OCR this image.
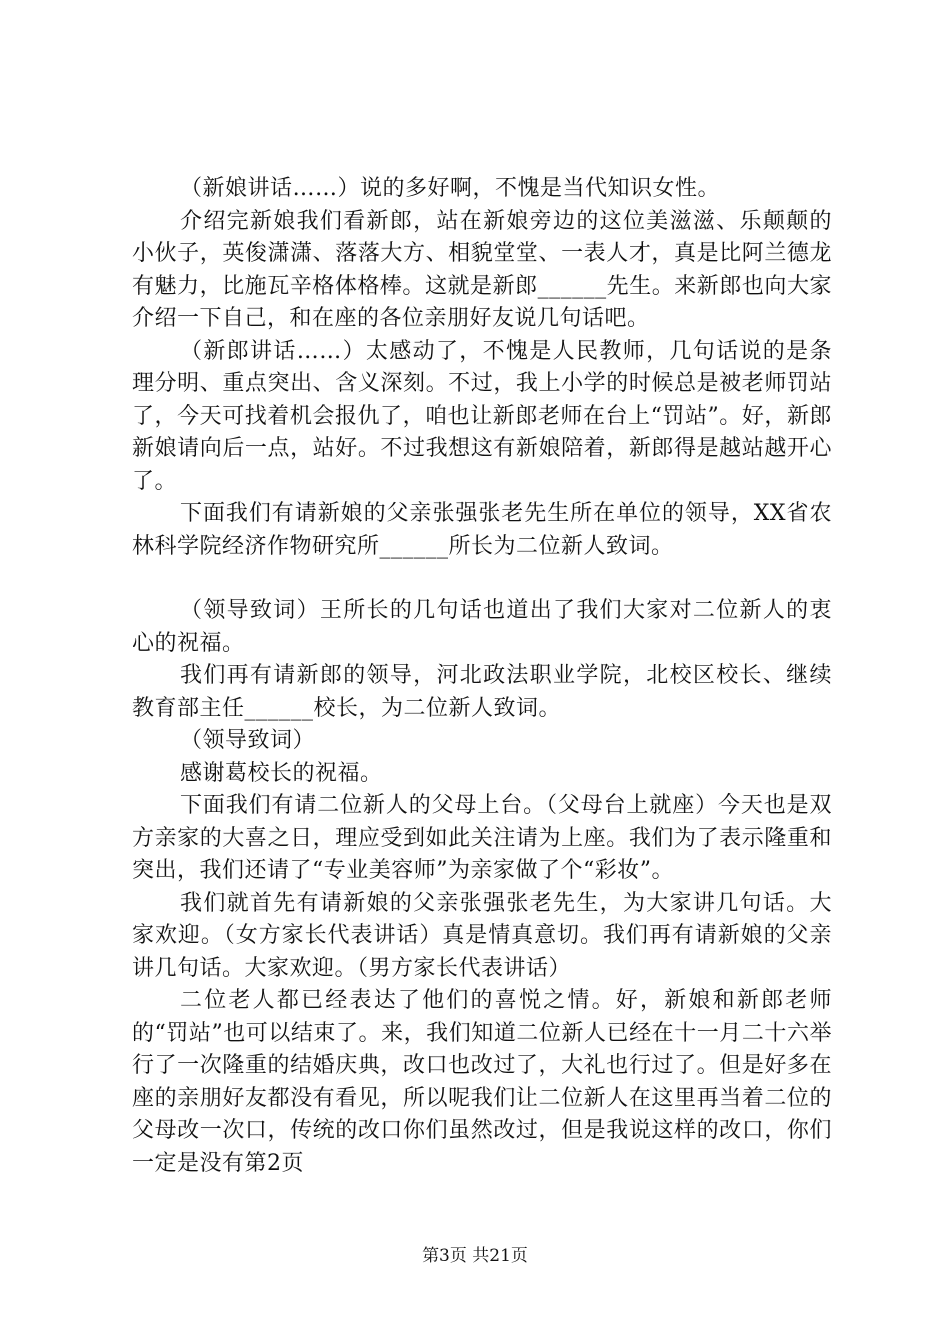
（新娘讲话……）说的多好啊，不愧是当代知识女性。

介绍完新娘我们看新郎，站在新娘旁边的这位美滋滋、乐颠颠的小伙子，英俊潇潇、落落大方、相貌堂堂、一表人才，真是比阿兰德龙有魅力，比施瓦辛格体格棒。这就是新郎______先生。来新郎也向大家介绍一下自己，和在座的各位亲朋好友说几句话吧。

（新郎讲话……）太感动了，不愧是人民教师，几句话说的是条理分明、重点突出、含义深刻。不过，我上小学的时候总是被老师罚站了，今天可找着机会报仇了，咱也让新郎老师在台上“罚站”。好，新郎新娘请向后一点，站好。不过我想这有新娘陪着，新郎得是越站越开心了。

下面我们有请新娘的父亲张强张老先生所在单位的领导，XX省农林科学院经济作物研究所______所长为二位新人致词。

（领导致词）王所长的几句话也道出了我们大家对二位新人的衷心的祝福。

我们再有请新郎的领导，河北政法职业学院，北校区校长、继续教育部主任______校长，为二位新人致词。

（领导致词）

感谢葛校长的祝福。

下面我们有请二位新人的父母上台。（父母台上就座）今天也是双方亲家的大喜之日，理应受到如此关注请为上座。我们为了表示隆重和突出，我们还请了“专业美容师”为亲家做了个“彩妆”。

我们就首先有请新娘的父亲张强张老先生，为大家讲几句话。大家欢迎。（女方家长代表讲话）真是情真意切。我们再有请新娘的父亲讲几句话。大家欢迎。（男方家长代表讲话）

二位老人都已经表达了他们的喜悦之情。好，新娘和新郎老师的“罚站”也可以结束了。来，我们知道二位新人已经在十一月二十六举行了一次隆重的结婚庆典，改口也改过了，大礼也行过了。但是好多在座的亲朋好友都没有看见，所以呢我们让二位新人在这里再当着二位的父母改一次口，传统的改口你们虽然改过，但是我说这样的改口，你们一定是没有第2页

第3页 共21页
